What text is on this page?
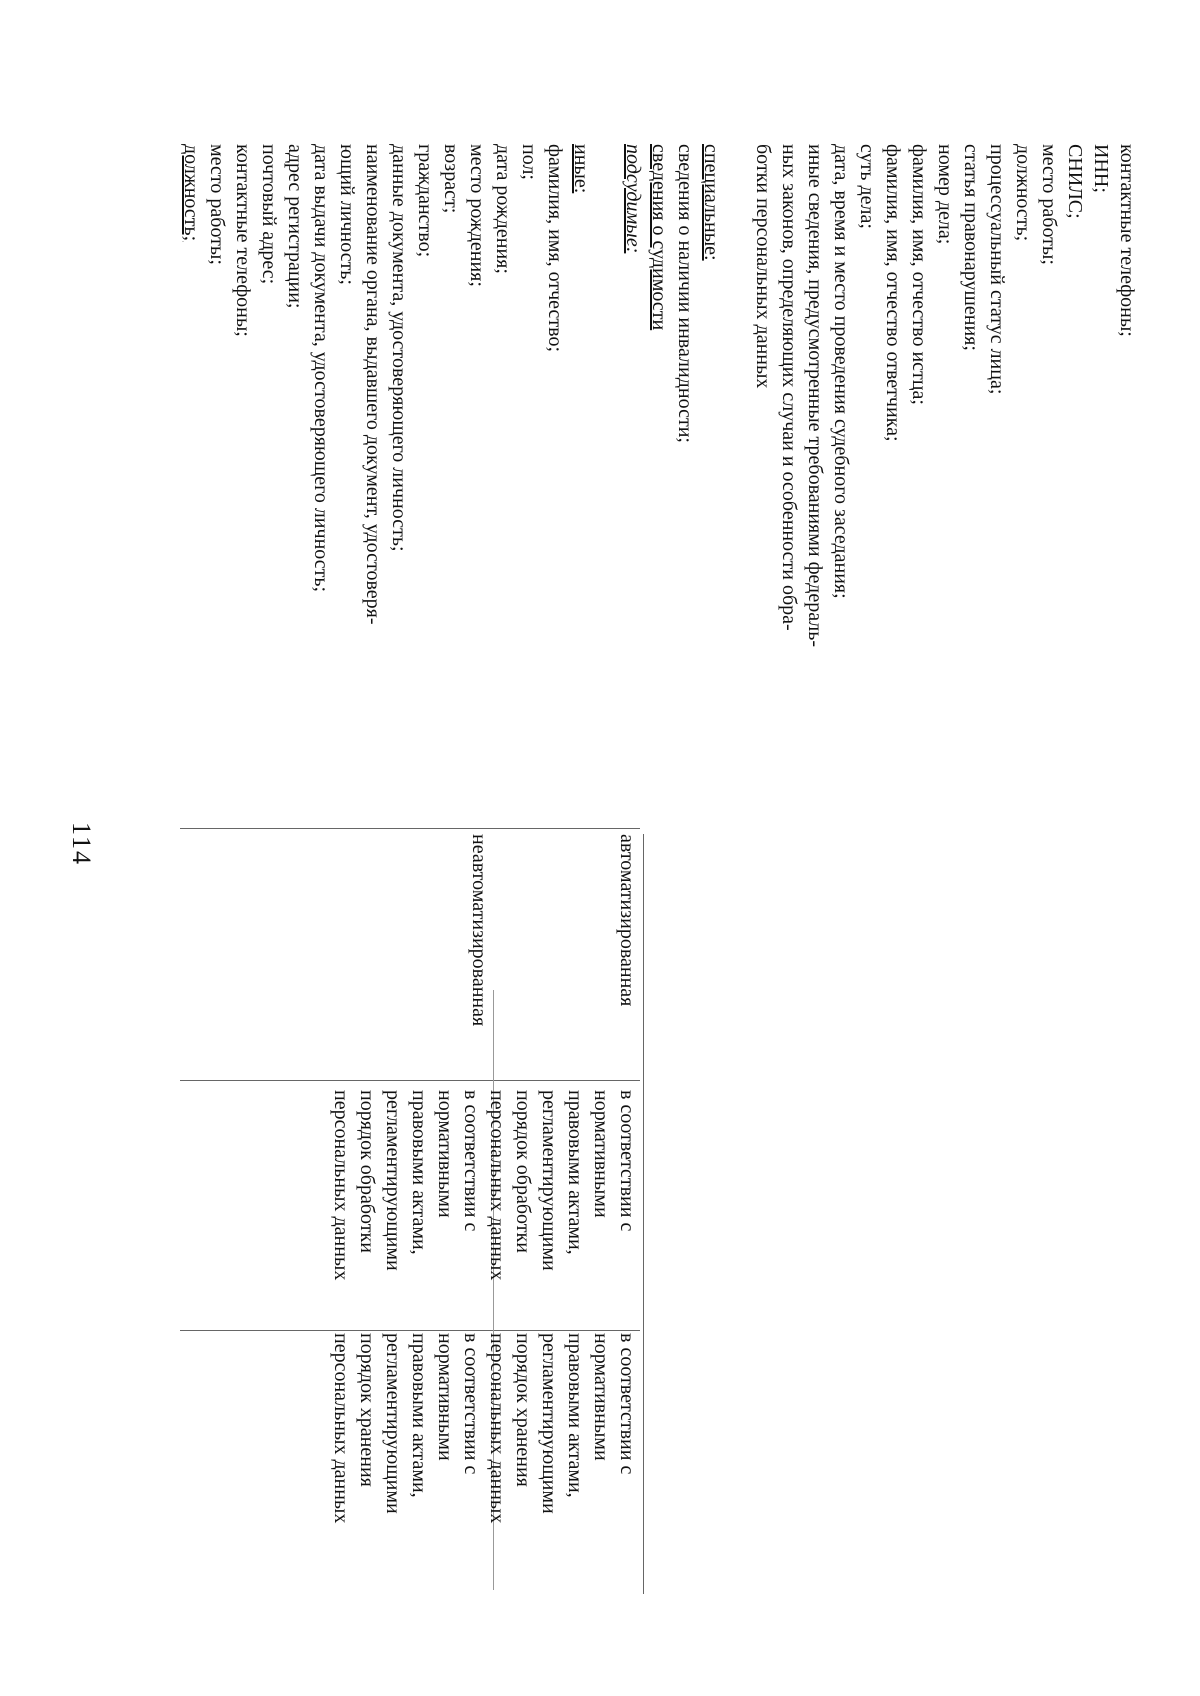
114

контактные телефоны;

ИНН;

СНИЛС;

место работы;

должность;

процессуальный статус лица;

статья правонарушения;

номер дела;

фамилия, имя, отчество истца;

фамилия, имя, отчество ответчика;

суть дела;

дата, время и место проведения судебного заседания;

иные сведения, предусмотренные требованиями федераль-

ных законов, определяющих случаи и особенности обра-

ботки персональных данных

специальные:

сведения о наличии инвалидности;

сведения о судимости

подсудимые:

иные:

фамилия, имя, отчество;

пол;

дата рождения;

место рождения;

возраст;

гражданство;

данные документа, удостоверяющего личность;

наименование органа, выдавшего документ, удостоверя-

ющий личность;

дата выдачи документа, удостоверяющего личность;

адрес регистрации;

почтовый адрес;

контактные телефоны;

место работы;

должность;

автоматизированная

неавтоматизированная

в соответствии с

нормативными

правовыми актами,

регламентирующими

порядок обработки

персональных данных

в соответствии с

нормативными

правовыми актами,

регламентирующими

порядок обработки

персональных данных

в соответствии с

нормативными

правовыми актами,

регламентирующими

порядок хранения

персональных данных

в соответствии с

нормативными

правовыми актами,

регламентирующими

порядок хранения

персональных данных
